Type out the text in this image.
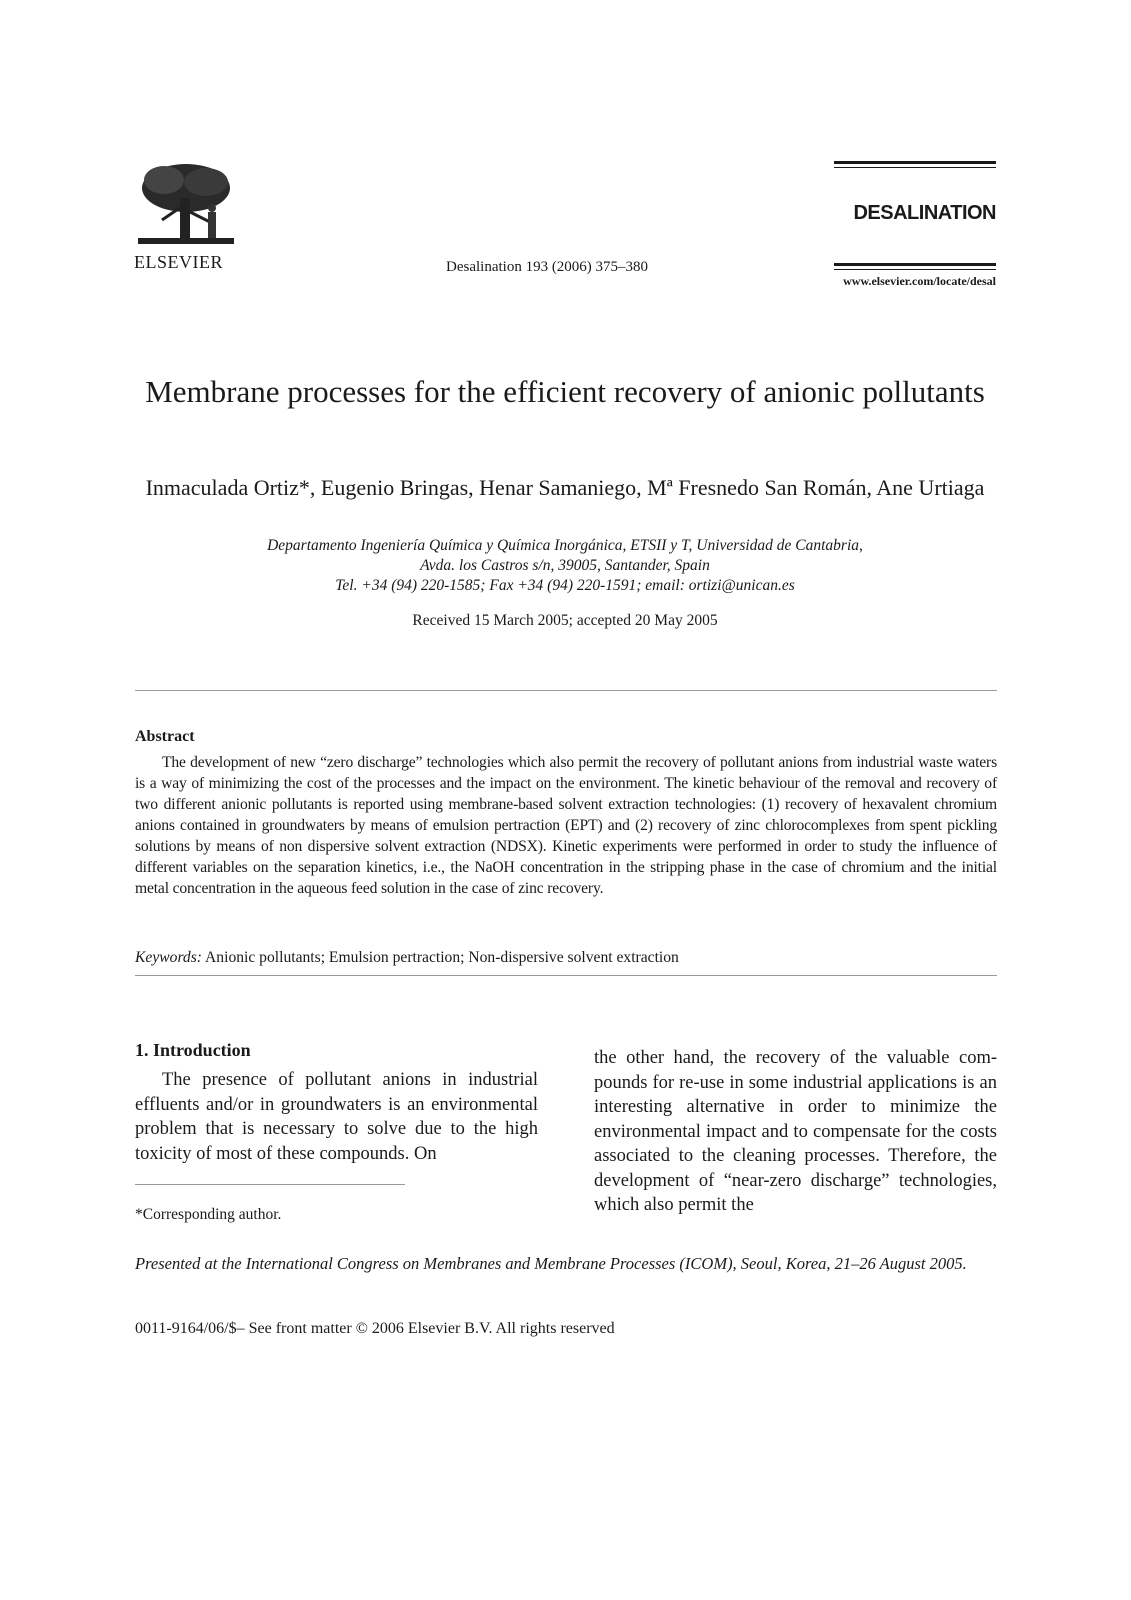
ELSEVIER	Desalination 193 (2006) 375–380
DESALINATION
www.elsevier.com/locate/desal
Membrane processes for the efficient recovery of anionic pollutants
Inmaculada Ortiz*, Eugenio Bringas, Henar Samaniego, Mª Fresnedo San Román, Ane Urtiaga
Departamento Ingeniería Química y Química Inorgánica, ETSII y T, Universidad de Cantabria,
Avda. los Castros s/n, 39005, Santander, Spain
Tel. +34 (94) 220-1585; Fax +34 (94) 220-1591; email: ortizi@unican.es
Received 15 March 2005; accepted 20 May 2005
Abstract
The development of new “zero discharge” technologies which also permit the recovery of pollutant anions from industrial waste waters is a way of minimizing the cost of the processes and the impact on the environment. The kinetic behaviour of the removal and recovery of two different anionic pollutants is reported using membrane-based solvent extraction technologies: (1) recovery of hexavalent chromium anions contained in groundwaters by means of emulsion pertraction (EPT) and (2) recovery of zinc chlorocomplexes from spent pickling solutions by means of non dispersive solvent extraction (NDSX). Kinetic experiments were performed in order to study the influence of different variables on the separation kinetics, i.e., the NaOH concentration in the stripping phase in the case of chromium and the initial metal concentration in the aqueous feed solution in the case of zinc recovery.
Keywords: Anionic pollutants; Emulsion pertraction; Non-dispersive solvent extraction
1. Introduction
The presence of pollutant anions in industrial effluents and/or in groundwaters is an environmental problem that is necessary to solve due to the high toxicity of most of these compounds. On
the other hand, the recovery of the valuable compounds for re-use in some industrial applications is an interesting alternative in order to minimize the environmental impact and to compensate for the costs associated to the cleaning processes. Therefore, the development of “near-zero discharge” technologies, which also permit the
*Corresponding author.
Presented at the International Congress on Membranes and Membrane Processes (ICOM), Seoul, Korea, 21–26 August 2005.
0011-9164/06/$– See front matter © 2006 Elsevier B.V. All rights reserved
